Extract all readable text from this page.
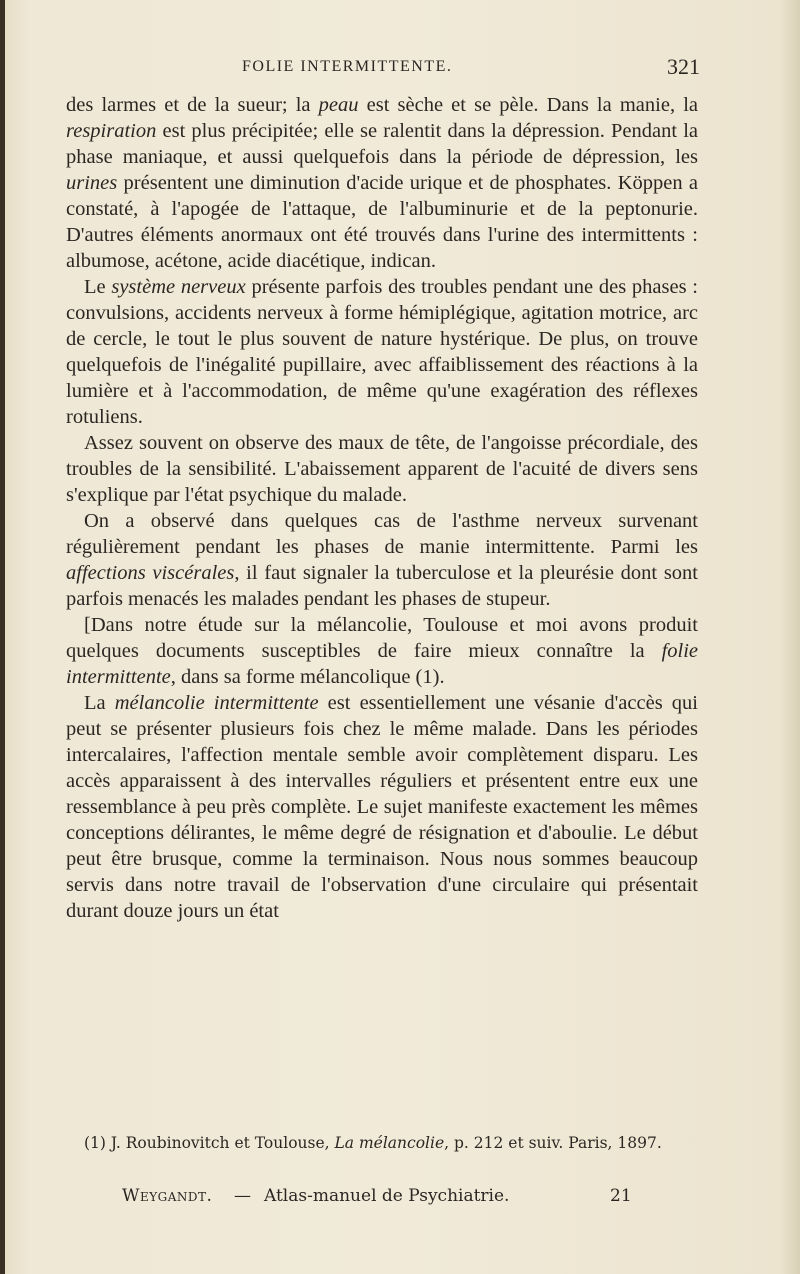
FOLIE INTERMITTENTE.	321

des larmes et de la sueur; la peau est sèche et se pèle. Dans la manie, la respiration est plus précipitée; elle se ralentit dans la dépression. Pendant la phase maniaque, et aussi quelquefois dans la période de dépression, les urines présentent une diminution d'acide urique et de phosphates. Köppen a constaté, à l'apogée de l'attaque, de l'albuminurie et de la peptonurie. D'autres éléments anormaux ont été trouvés dans l'urine des intermittents : albumose, acétone, acide diacétique, indican.

Le système nerveux présente parfois des troubles pendant une des phases : convulsions, accidents nerveux à forme hémiplégique, agitation motrice, arc de cercle, le tout le plus souvent de nature hystérique. De plus, on trouve quelquefois de l'inégalité pupillaire, avec affaiblissement des réactions à la lumière et à l'accommodation, de même qu'une exagération des réflexes rotuliens.

Assez souvent on observe des maux de tête, de l'angoisse précordiale, des troubles de la sensibilité. L'abaissement apparent de l'acuité de divers sens s'explique par l'état psychique du malade.

On a observé dans quelques cas de l'asthme nerveux survenant régulièrement pendant les phases de manie intermittente. Parmi les affections viscérales, il faut signaler la tuberculose et la pleurésie dont sont parfois menacés les malades pendant les phases de stupeur.

[Dans notre étude sur la mélancolie, Toulouse et moi avons produit quelques documents susceptibles de faire mieux connaître la folie intermittente, dans sa forme mélancolique (1).

La mélancolie intermittente est essentiellement une vésanie d'accès qui peut se présenter plusieurs fois chez le même malade. Dans les périodes intercalaires, l'affection mentale semble avoir complètement disparu. Les accès apparaissent à des intervalles réguliers et présentent entre eux une ressemblance à peu près complète. Le sujet manifeste exactement les mêmes conceptions délirantes, le même degré de résignation et d'aboulie. Le début peut être brusque, comme la terminaison. Nous nous sommes beaucoup servis dans notre travail de l'observation d'une circulaire qui présentait durant douze jours un état

(1) J. Roubinovitch et Toulouse, La mélancolie, p. 212 et suiv. Paris, 1897.
Weygandt. — Atlas-manuel de Psychiatrie.	21
